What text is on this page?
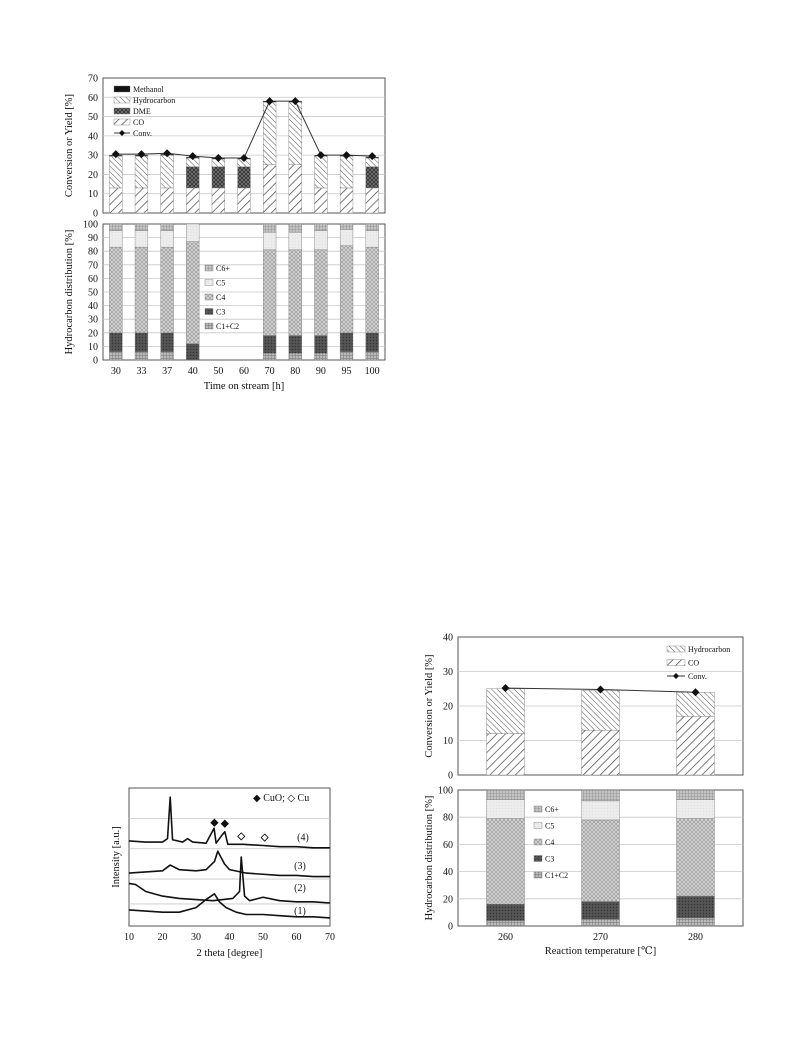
0
10
20
30
40
50
60
70
Conversion or Yield [%]
Methanol
Hydrocarbon
DME
CO
Conv.
0
10
20
30
40
50
60
70
80
90
100
30 33 37 40 50 60 70 80 90 95 100
Hydrocarbon distribution [%]
Time on stream [h]
C6+
C5
C4
C3
C1+C2
10 20 30 40 50 60 70
(4)
(3)
(2)
(1)
◆ CuO; ◇ Cu
Intensity [a.u.]
2 theta [degree]
0
10
20
30
40
Conversion or Yield [%]
Hydrocarbon
CO
Conv.
0
20
40
60
80
100
260	270	280
Hydrocarbon distribution [%]
Reaction temperature [℃]
C6+
C5
C4
C3
C1+C2
